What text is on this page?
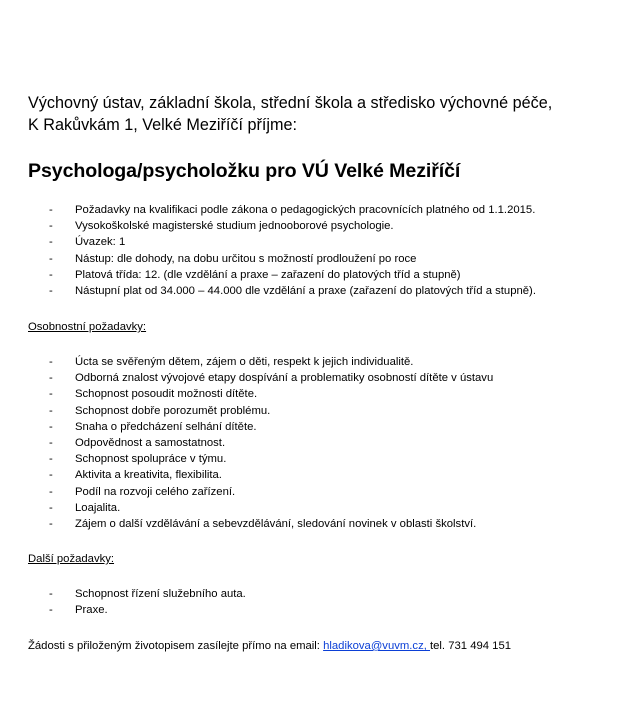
Výchovný ústav, základní škola, střední škola a středisko výchovné péče,
K Rakůvkám 1, Velké Meziříčí příjme:
Psychologa/psycholožku pro VÚ Velké Meziříčí
- Požadavky na kvalifikaci podle zákona o pedagogických pracovnících platného od 1.1.2015.
- Vysokoškolské magisterské studium jednooborové psychologie.
- Úvazek: 1
- Nástup: dle dohody, na dobu určitou s možností prodloužení po roce
- Platová třída: 12. (dle vzdělání a praxe – zařazení do platových tříd a stupně)
- Nástupní plat od 34.000 – 44.000 dle vzdělání a praxe (zařazení do platových tříd a stupně).
Osobnostní požadavky:
- Úcta se svěřeným dětem, zájem o děti, respekt k jejich individualitě.
- Odborná znalost vývojové etapy dospívání a problematiky osobností dítěte v ústavu
- Schopnost posoudit možnosti dítěte.
- Schopnost dobře porozumět problému.
- Snaha o předcházení selhání dítěte.
- Odpovědnost a samostatnost.
- Schopnost spolupráce v týmu.
- Aktivita a kreativita, flexibilita.
- Podíl na rozvoji celého zařízení.
- Loajalita.
- Zájem o další vzdělávání a sebevzdělávání, sledování novinek v oblasti školství.
Další požadavky:
- Schopnost řízení služebního auta.
- Praxe.
Žádosti s přiloženým životopisem zasílejte přímo na email: hladikova@vuvm.cz, tel. 731 494 151
